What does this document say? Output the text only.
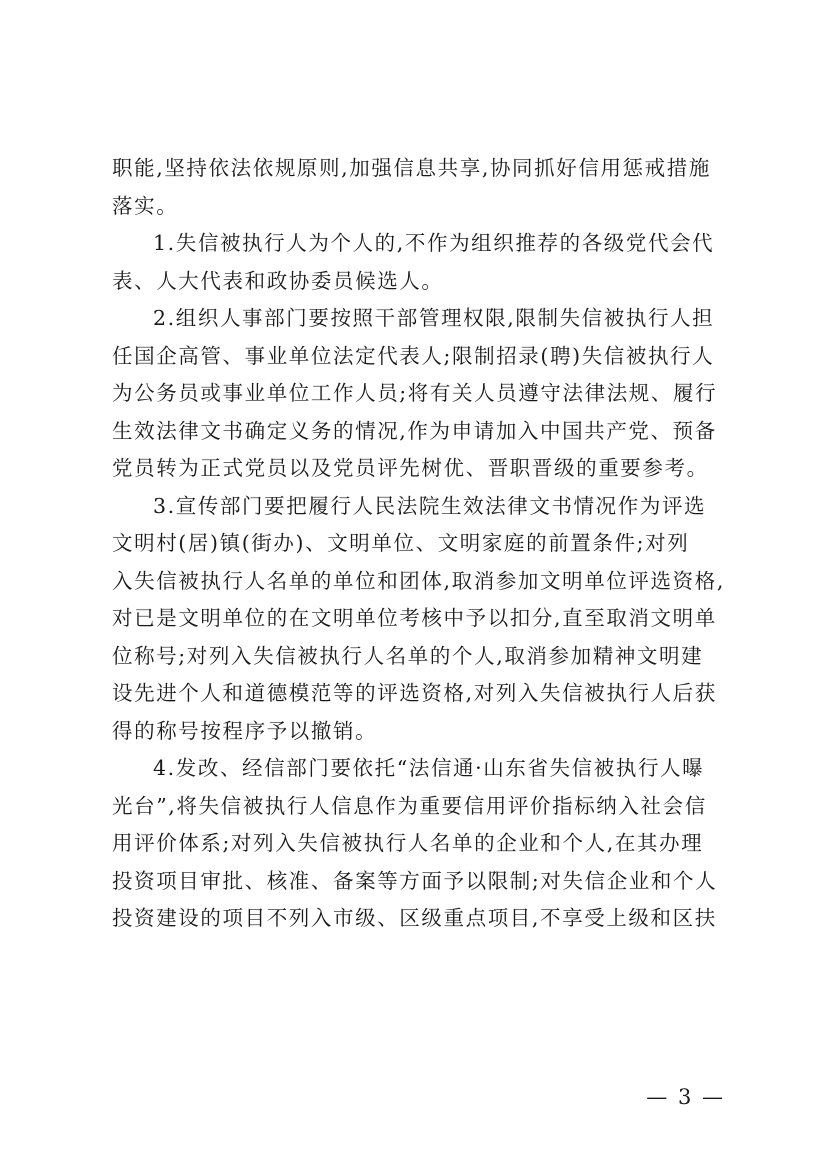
职能,坚持依法依规原则,加强信息共享,协同抓好信用惩戒措施
落实。
1.失信被执行人为个人的,不作为组织推荐的各级党代会代
表、人大代表和政协委员候选人。
2.组织人事部门要按照干部管理权限,限制失信被执行人担
任国企高管、事业单位法定代表人;限制招录(聘)失信被执行人
为公务员或事业单位工作人员;将有关人员遵守法律法规、履行
生效法律文书确定义务的情况,作为申请加入中国共产党、预备
党员转为正式党员以及党员评先树优、晋职晋级的重要参考。
3.宣传部门要把履行人民法院生效法律文书情况作为评选
文明村(居)镇(街办)、文明单位、文明家庭的前置条件;对列
入失信被执行人名单的单位和团体,取消参加文明单位评选资格,
对已是文明单位的在文明单位考核中予以扣分,直至取消文明单
位称号;对列入失信被执行人名单的个人,取消参加精神文明建
设先进个人和道德模范等的评选资格,对列入失信被执行人后获
得的称号按程序予以撤销。
4.发改、经信部门要依托“法信通·山东省失信被执行人曝
光台”,将失信被执行人信息作为重要信用评价指标纳入社会信
用评价体系;对列入失信被执行人名单的企业和个人,在其办理
投资项目审批、核准、备案等方面予以限制;对失信企业和个人
投资建设的项目不列入市级、区级重点项目,不享受上级和区扶
— 3 —
